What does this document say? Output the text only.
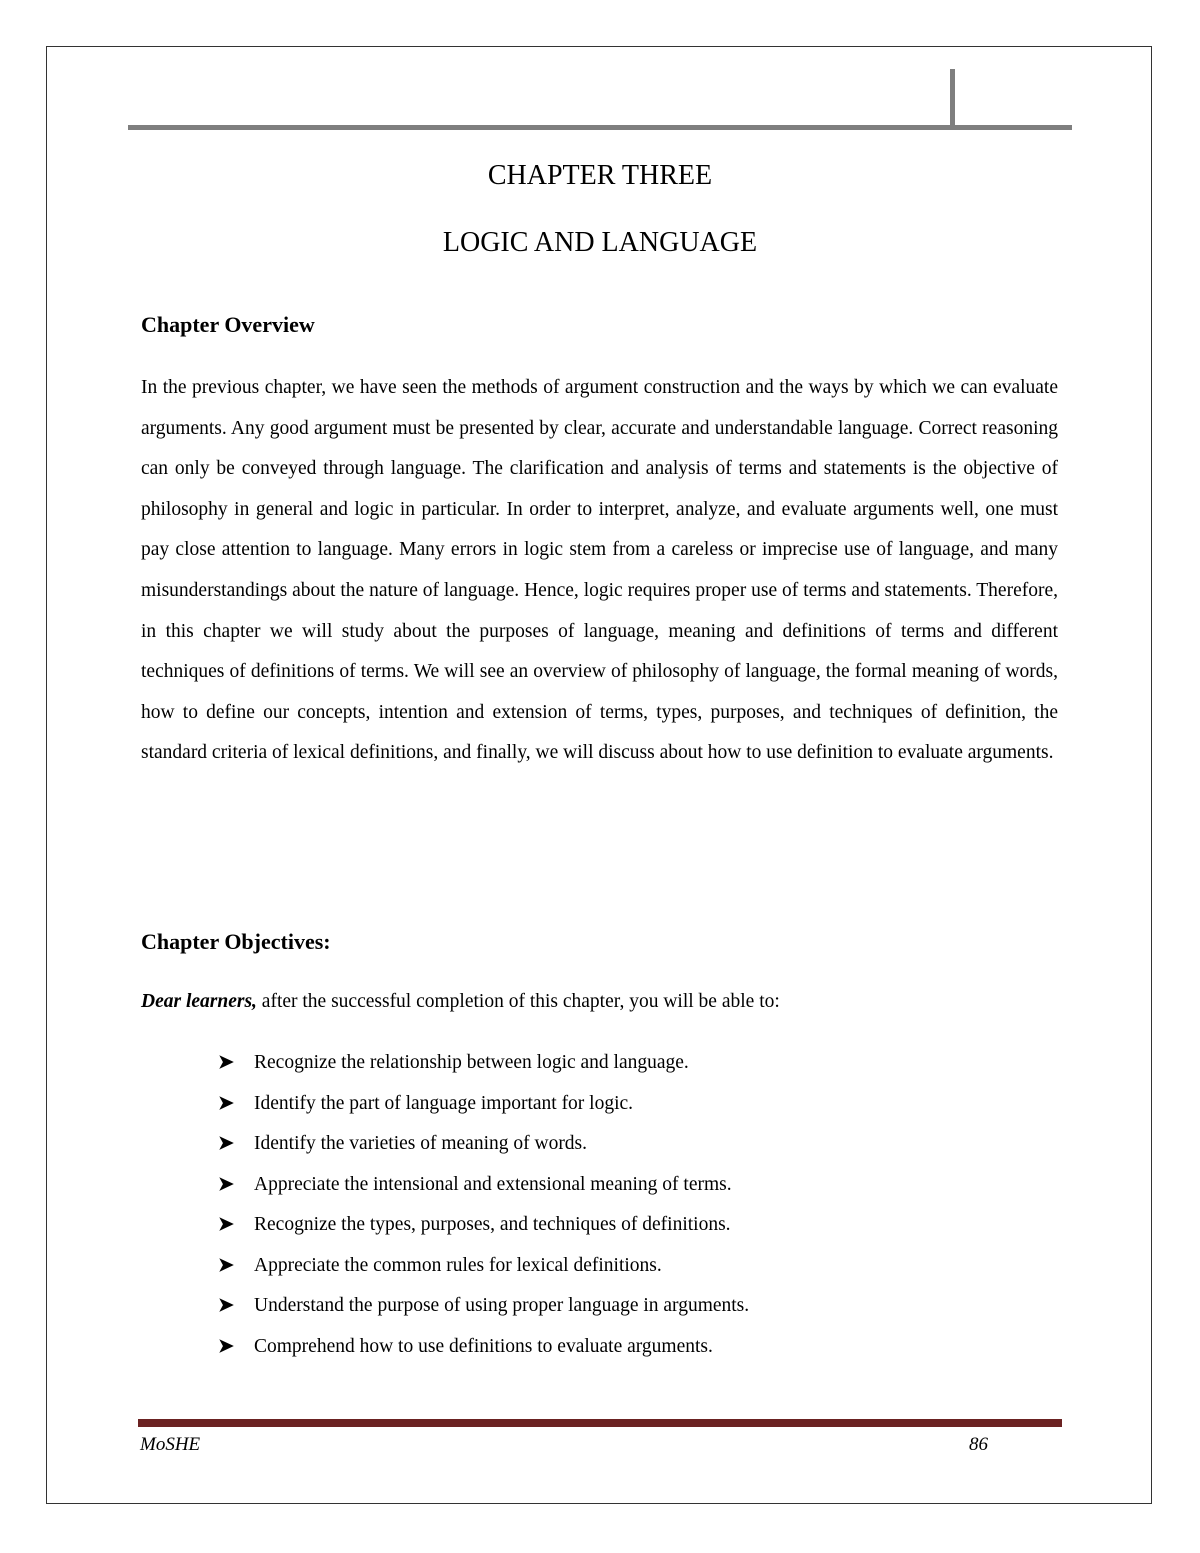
CHAPTER THREE
LOGIC AND LANGUAGE
Chapter Overview

In the previous chapter, we have seen the methods of argument construction and the ways by which we can evaluate arguments. Any good argument must be presented by clear, accurate and understandable language. Correct reasoning can only be conveyed through language. The clarification and analysis of terms and statements is the objective of philosophy in general and logic in particular. In order to interpret, analyze, and evaluate arguments well, one must pay close attention to language. Many errors in logic stem from a careless or imprecise use of language, and many misunderstandings about the nature of language. Hence, logic requires proper use of terms and statements. Therefore, in this chapter we will study about the purposes of language, meaning and definitions of terms and different techniques of definitions of terms. We will see an overview of philosophy of language, the formal meaning of words, how to define our concepts, intention and extension of terms, types, purposes, and techniques of definition, the standard criteria of lexical definitions, and finally, we will discuss about how to use definition to evaluate arguments.

Chapter Objectives:
Dear learners, after the successful completion of this chapter, you will be able to:
➤ Recognize the relationship between logic and language.
➤ Identify the part of language important for logic.
➤ Identify the varieties of meaning of words.
➤ Appreciate the intensional and extensional meaning of terms.
➤ Recognize the types, purposes, and techniques of definitions.
➤ Appreciate the common rules for lexical definitions.
➤ Understand the purpose of using proper language in arguments.
➤ Comprehend how to use definitions to evaluate arguments.
MoSHE	86
